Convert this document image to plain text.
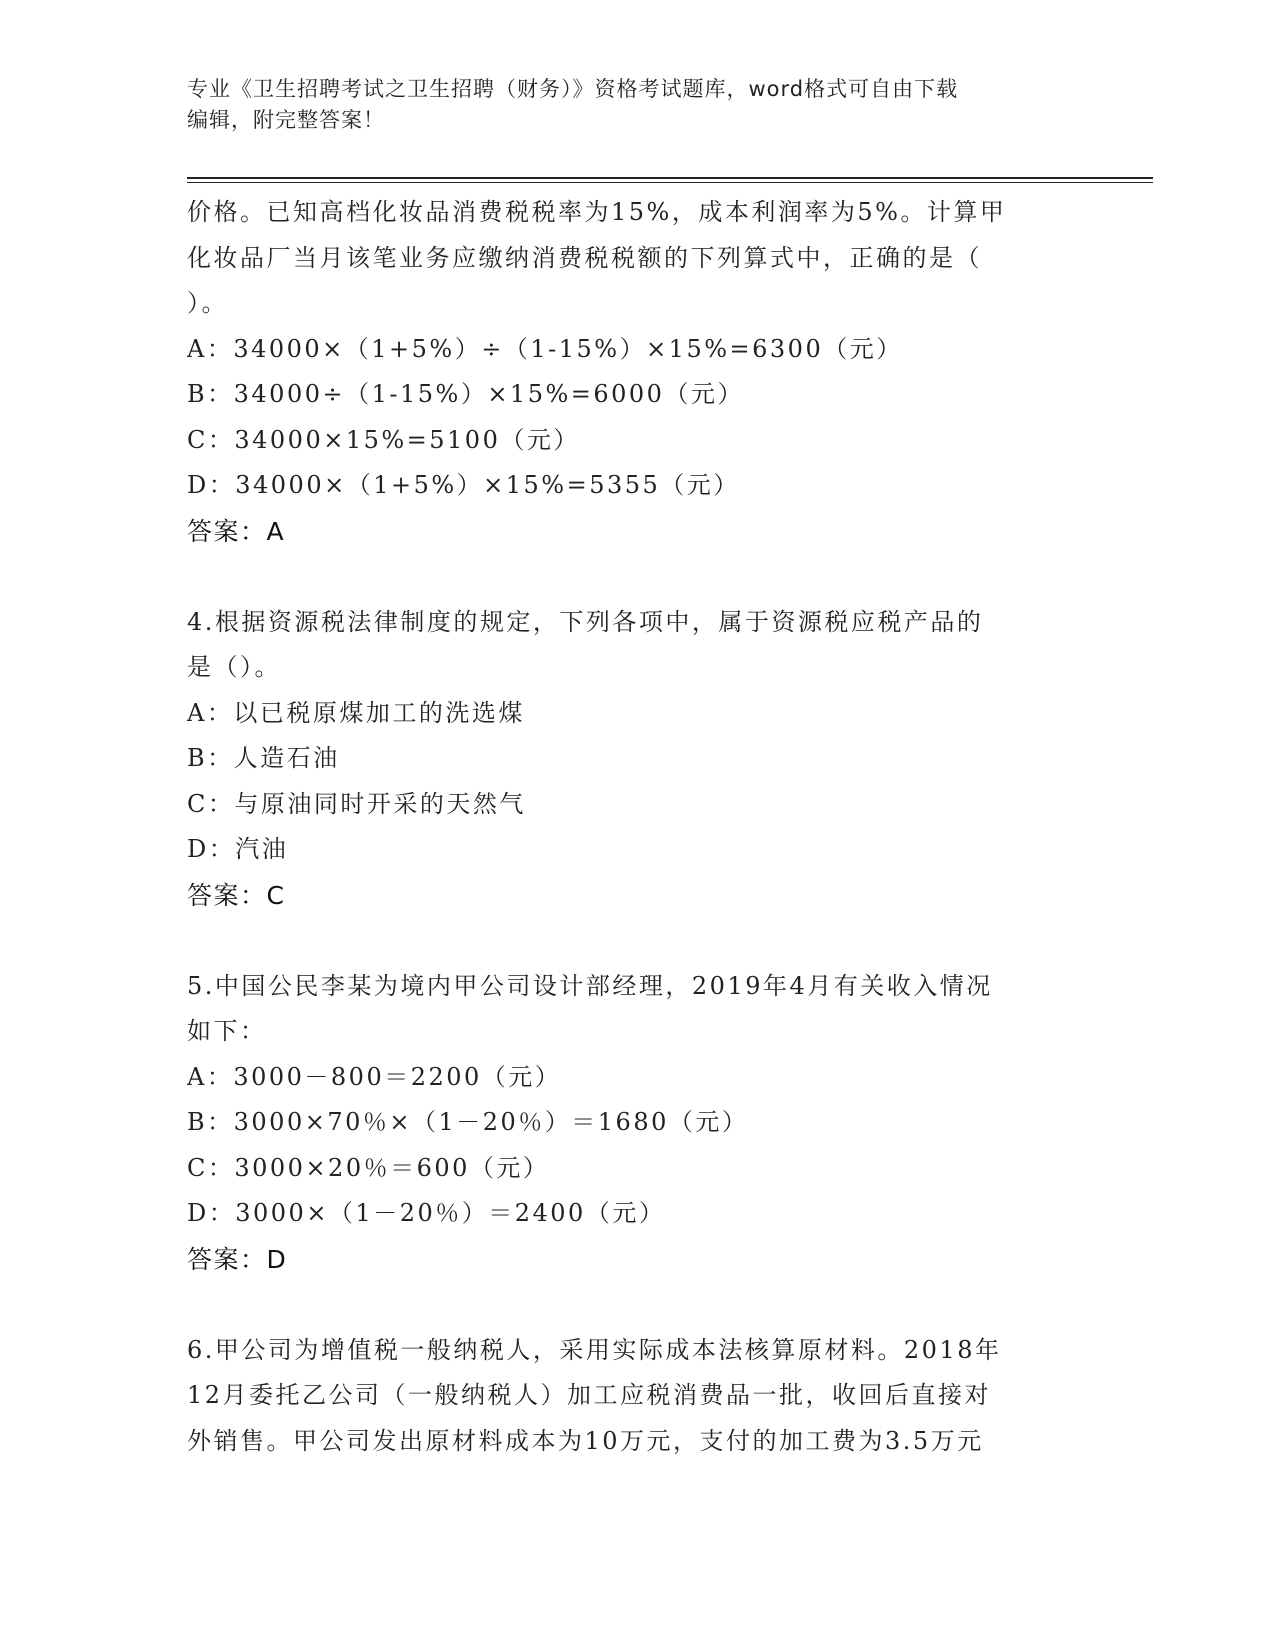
专业《卫生招聘考试之卫生招聘（财务）》资格考试题库，word格式可自由下载
编辑，附完整答案！
价格。已知高档化妆品消费税税率为15%，成本利润率为5%。计算甲
化妆品厂当月该笔业务应缴纳消费税税额的下列算式中，正确的是（
）。
A：34000×（1+5%）÷（1-15%）×15%=6300（元）
B：34000÷（1-15%）×15%=6000（元）
C：34000×15%=5100（元）
D：34000×（1+5%）×15%=5355（元）
答案：A
4.根据资源税法律制度的规定，下列各项中，属于资源税应税产品的
是（）。
A：以已税原煤加工的洗选煤
B：人造石油
C：与原油同时开采的天然气
D：汽油
答案：C
5.中国公民李某为境内甲公司设计部经理，2019年4月有关收入情况
如下：
A：3000－800＝2200（元）
B：3000×70％×（1－20％）＝1680（元）
C：3000×20％＝600（元）
D：3000×（1－20％）＝2400（元）
答案：D
6.甲公司为增值税一般纳税人，采用实际成本法核算原材料。2018年
12月委托乙公司（一般纳税人）加工应税消费品一批，收回后直接对
外销售。甲公司发出原材料成本为10万元，支付的加工费为3.5万元
